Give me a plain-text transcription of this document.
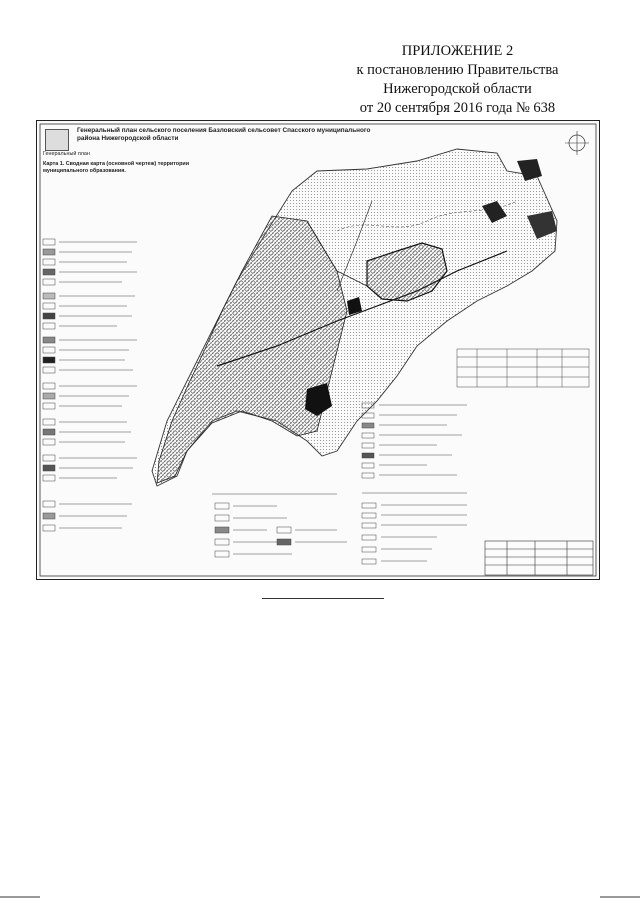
ПРИЛОЖЕНИЕ 2
к постановлению Правительства
Нижегородской области
от 20 сентября 2016 года № 638
Генеральный план сельского поселения Базловский сельсовет Спасского муниципального района Нижегородской области
Генеральный план
Карта 1. Сводная карта (основной чертеж) территории муниципального образования.
